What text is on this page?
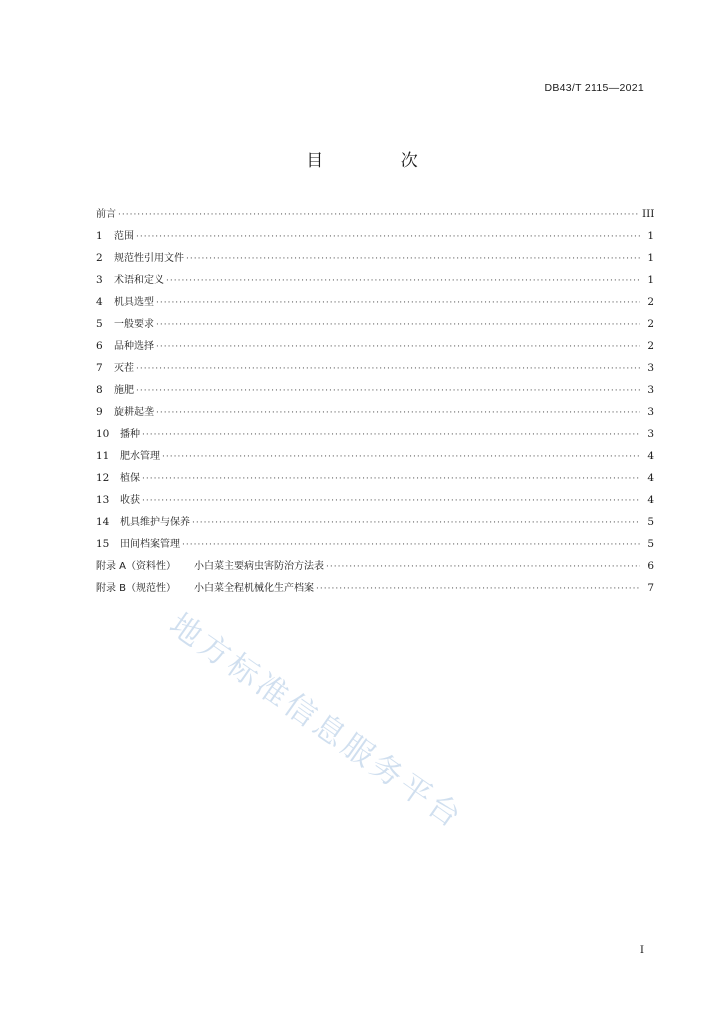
DB43/T 2115—2021
目 次
前言 ·····	III
1	范围 ·····	1
2	规范性引用文件 ·····	1
3	术语和定义 ·····	1
4	机具选型 ·····	2
5	一般要求 ·····	2
6	品种选择 ·····	2
7	灭茬 ·····	3
8	施肥 ·····	3
9	旋耕起垄 ·····	3
10	播种 ·····	3
11	肥水管理 ·····	4
12	植保 ·····	4
13	收获 ·····	4
14	机具维护与保养 ·····	5
15	田间档案管理 ·····	5
附录 A（资料性） 小白菜主要病虫害防治方法表 ·····	6
附录 B（规范性） 小白菜全程机械化生产档案 ·····	7
地方标准信息服务平台
I
